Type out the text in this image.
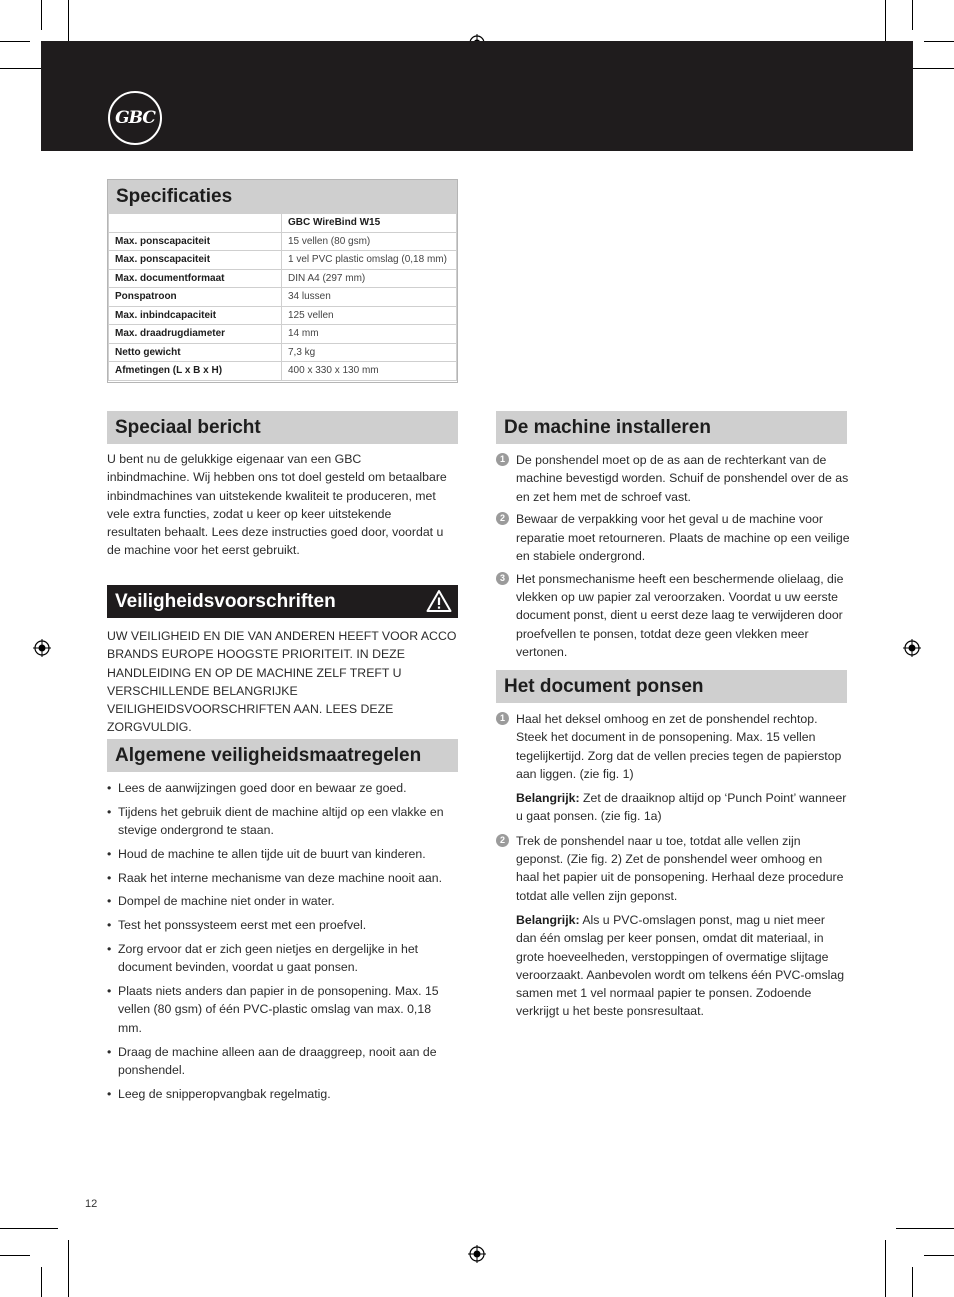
GBC
Specificaties
	GBC WireBind W15
Max. ponscapaciteit	15 vellen (80 gsm)
Max. ponscapaciteit	1 vel PVC plastic omslag (0,18 mm)
Max. documentformaat	DIN A4 (297 mm)
Ponspatroon	34 lussen
Max. inbindcapaciteit	125 vellen
Max. draadrugdiameter	14 mm
Netto gewicht	7,3 kg
Afmetingen (L x B x H)	400 x 330 x 130 mm
Speciaal bericht
U bent nu de gelukkige eigenaar van een GBC inbindmachine. Wij hebben ons tot doel gesteld om betaalbare inbindmachines van uitstekende kwaliteit te produceren, met vele extra functies, zodat u keer op keer uitstekende resultaten behaalt. Lees deze instructies goed door, voordat u de machine voor het eerst gebruikt.
Veiligheidsvoorschriften
UW VEILIGHEID EN DIE VAN ANDEREN HEEFT VOOR ACCO BRANDS EUROPE HOOGSTE PRIORITEIT. IN DEZE HANDLEIDING EN OP DE MACHINE ZELF TREFT U VERSCHILLENDE BELANGRIJKE VEILIGHEIDSVOORSCHRIFTEN AAN. LEES DEZE ZORGVULDIG.
Algemene veiligheidsmaatregelen
• Lees de aanwijzingen goed door en bewaar ze goed.
• Tijdens het gebruik dient de machine altijd op een vlakke en stevige ondergrond te staan.
• Houd de machine te allen tijde uit de buurt van kinderen.
• Raak het interne mechanisme van deze machine nooit aan.
• Dompel de machine niet onder in water.
• Test het ponssysteem eerst met een proefvel.
• Zorg ervoor dat er zich geen nietjes en dergelijke in het document bevinden, voordat u gaat ponsen.
• Plaats niets anders dan papier in de ponsopening. Max. 15 vellen (80 gsm) of één PVC-plastic omslag van max. 0,18 mm.
• Draag de machine alleen aan de draaggreep, nooit aan de ponshendel.
• Leeg de snipperopvangbak regelmatig.
De machine installeren
1 De ponshendel moet op de as aan de rechterkant van de machine bevestigd worden. Schuif de ponshendel over de as en zet hem met de schroef vast.
2 Bewaar de verpakking voor het geval u de machine voor reparatie moet retourneren. Plaats de machine op een veilige en stabiele ondergrond.
3 Het ponsmechanisme heeft een beschermende olielaag, die vlekken op uw papier zal veroorzaken. Voordat u uw eerste document ponst, dient u eerst deze laag te verwijderen door proefvellen te ponsen, totdat deze geen vlekken meer vertonen.
Het document ponsen
1 Haal het deksel omhoog en zet de ponshendel rechtop. Steek het document in de ponsopening. Max. 15 vellen tegelijkertijd. Zorg dat de vellen precies tegen de papierstop aan liggen. (zie fig. 1)
Belangrijk: Zet de draaiknop altijd op ‘Punch Point’ wanneer u gaat ponsen. (zie fig. 1a)
2 Trek de ponshendel naar u toe, totdat alle vellen zijn geponst. (Zie fig. 2) Zet de ponshendel weer omhoog en haal het papier uit de ponsopening. Herhaal deze procedure totdat alle vellen zijn geponst.
Belangrijk: Als u PVC-omslagen ponst, mag u niet meer dan één omslag per keer ponsen, omdat dit materiaal, in grote hoeveelheden, verstoppingen of overmatige slijtage veroorzaakt. Aanbevolen wordt om telkens één PVC-omslag samen met 1 vel normaal papier te ponsen. Zodoende verkrijgt u het beste ponsresultaat.
12
